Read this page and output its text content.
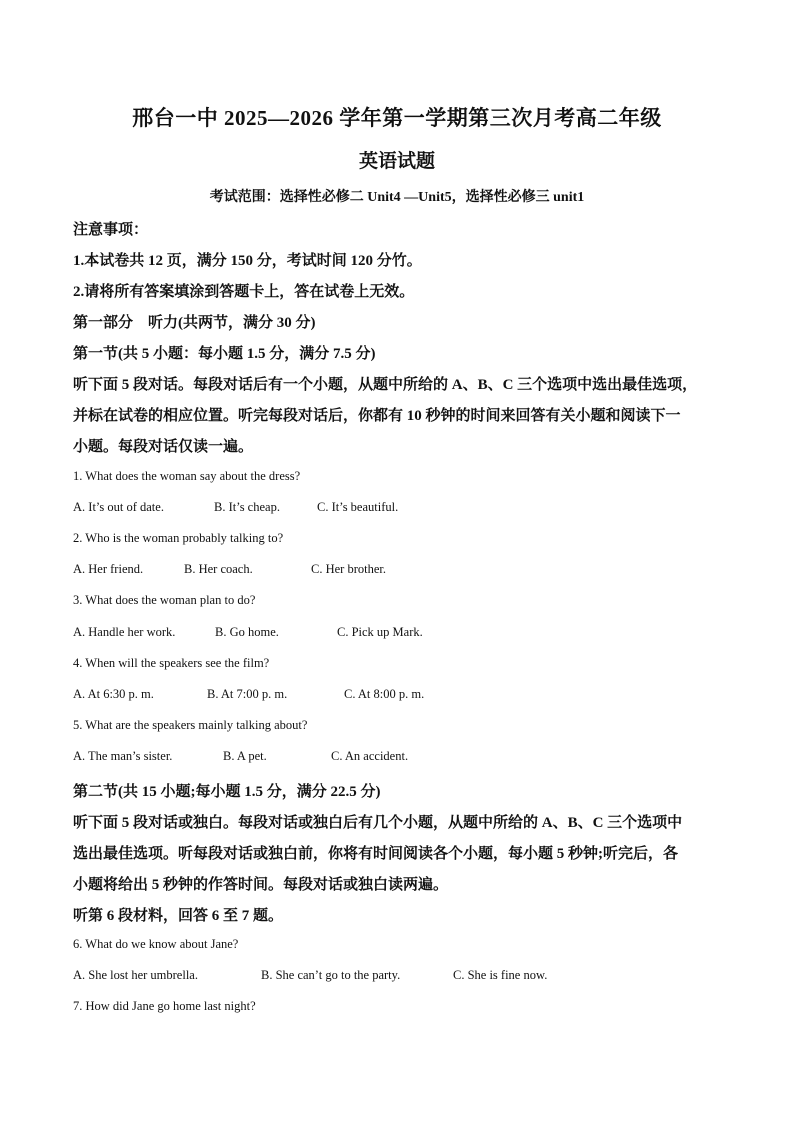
邢台一中 2025—2026 学年第一学期第三次月考高二年级
英语试题
考试范围：选择性必修二 Unit4 —Unit5，选择性必修三 unit1
注意事项：
1.本试卷共 12 页，满分 150 分，考试时间 120 分竹。
2.请将所有答案填涂到答题卡上，答在试卷上无效。
第一部分　听力(共两节，满分 30 分)
第一节(共 5 小题：每小题 1.5 分，满分 7.5 分)
听下面 5 段对话。每段对话后有一个小题，从题中所给的 A、B、C 三个选项中选出最佳选项，
并标在试卷的相应位置。听完每段对话后，你都有 10 秒钟的时间来回答有关小题和阅读下一
小题。每段对话仅读一遍。
1. What does the woman say about the dress?
A. It’s out of date.	B. It’s cheap.	C. It’s beautiful.
2. Who is the woman probably talking to?
A. Her friend.	B. Her coach.	C. Her brother.
3. What does the woman plan to do?
A. Handle her work.	B. Go home.	C. Pick up Mark.
4. When will the speakers see the film?
A. At 6:30 p. m.	B. At 7:00 p. m.	C. At 8:00 p. m.
5. What are the speakers mainly talking about?
A. The man’s sister.	B. A pet.	C. An accident.
第二节(共 15 小题;每小题 1.5 分，满分 22.5 分)
听下面 5 段对话或独白。每段对话或独白后有几个小题，从题中所给的 A、B、C 三个选项中
选出最佳选项。听每段对话或独白前，你将有时间阅读各个小题，每小题 5 秒钟;听完后，各
小题将给出 5 秒钟的作答时间。每段对话或独白读两遍。
听第 6 段材料，回答 6 至 7 题。
6. What do we know about Jane?
A. She lost her umbrella.	B. She can’t go to the party.	C. She is fine now.
7. How did Jane go home last night?
